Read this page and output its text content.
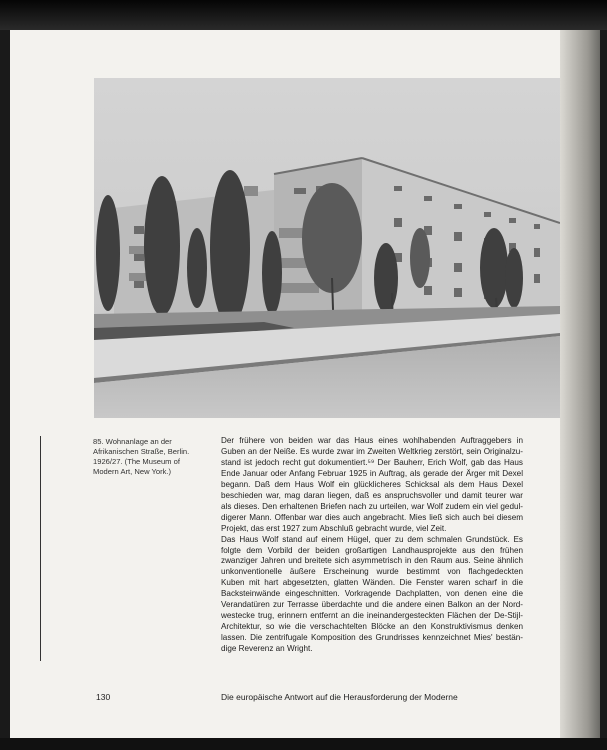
85. Wohnanlage an der
Afrikanischen Straße, Berlin.
1926/27. (The Museum of
Modern Art, New York.)
Der frühere von beiden war das Haus eines wohlhabenden Auftraggebers in
Guben an der Neiße. Es wurde zwar im Zweiten Weltkrieg zerstört, sein Originalzu-
stand ist jedoch recht gut dokumentiert.⁵⁹ Der Bauherr, Erich Wolf, gab das Haus
Ende Januar oder Anfang Februar 1925 in Auftrag, als gerade der Ärger mit Dexel
begann. Daß dem Haus Wolf ein glücklicheres Schicksal als dem Haus Dexel
beschieden war, mag daran liegen, daß es anspruchsvoller und damit teurer war
als dieses. Den erhaltenen Briefen nach zu urteilen, war Wolf zudem ein viel gedul-
digerer Mann. Offenbar war dies auch angebracht. Mies ließ sich auch bei diesem
Projekt, das erst 1927 zum Abschluß gebracht wurde, viel Zeit.
Das Haus Wolf stand auf einem Hügel, quer zu dem schmalen Grundstück. Es
folgte dem Vorbild der beiden großartigen Landhausprojekte aus den frühen
zwanziger Jahren und breitete sich asymmetrisch in den Raum aus. Seine ähnlich
unkonventionelle äußere Erscheinung wurde bestimmt von flachgedeckten
Kuben mit hart abgesetzten, glatten Wänden. Die Fenster waren scharf in die
Backsteinwände eingeschnitten. Vorkragende Dachplatten, von denen eine die
Verandatüren zur Terrasse überdachte und die andere einen Balkon an der Nord-
westecke trug, erinnern entfernt an die ineinandergesteckten Flächen der De-Stijl-
Architektur, so wie die verschachtelten Blöcke an den Konstruktivismus denken
lassen. Die zentrifugale Komposition des Grundrisses kennzeichnet Mies' bestän-
dige Reverenz an Wright.
130	Die europäische Antwort auf die Herausforderung der Moderne
